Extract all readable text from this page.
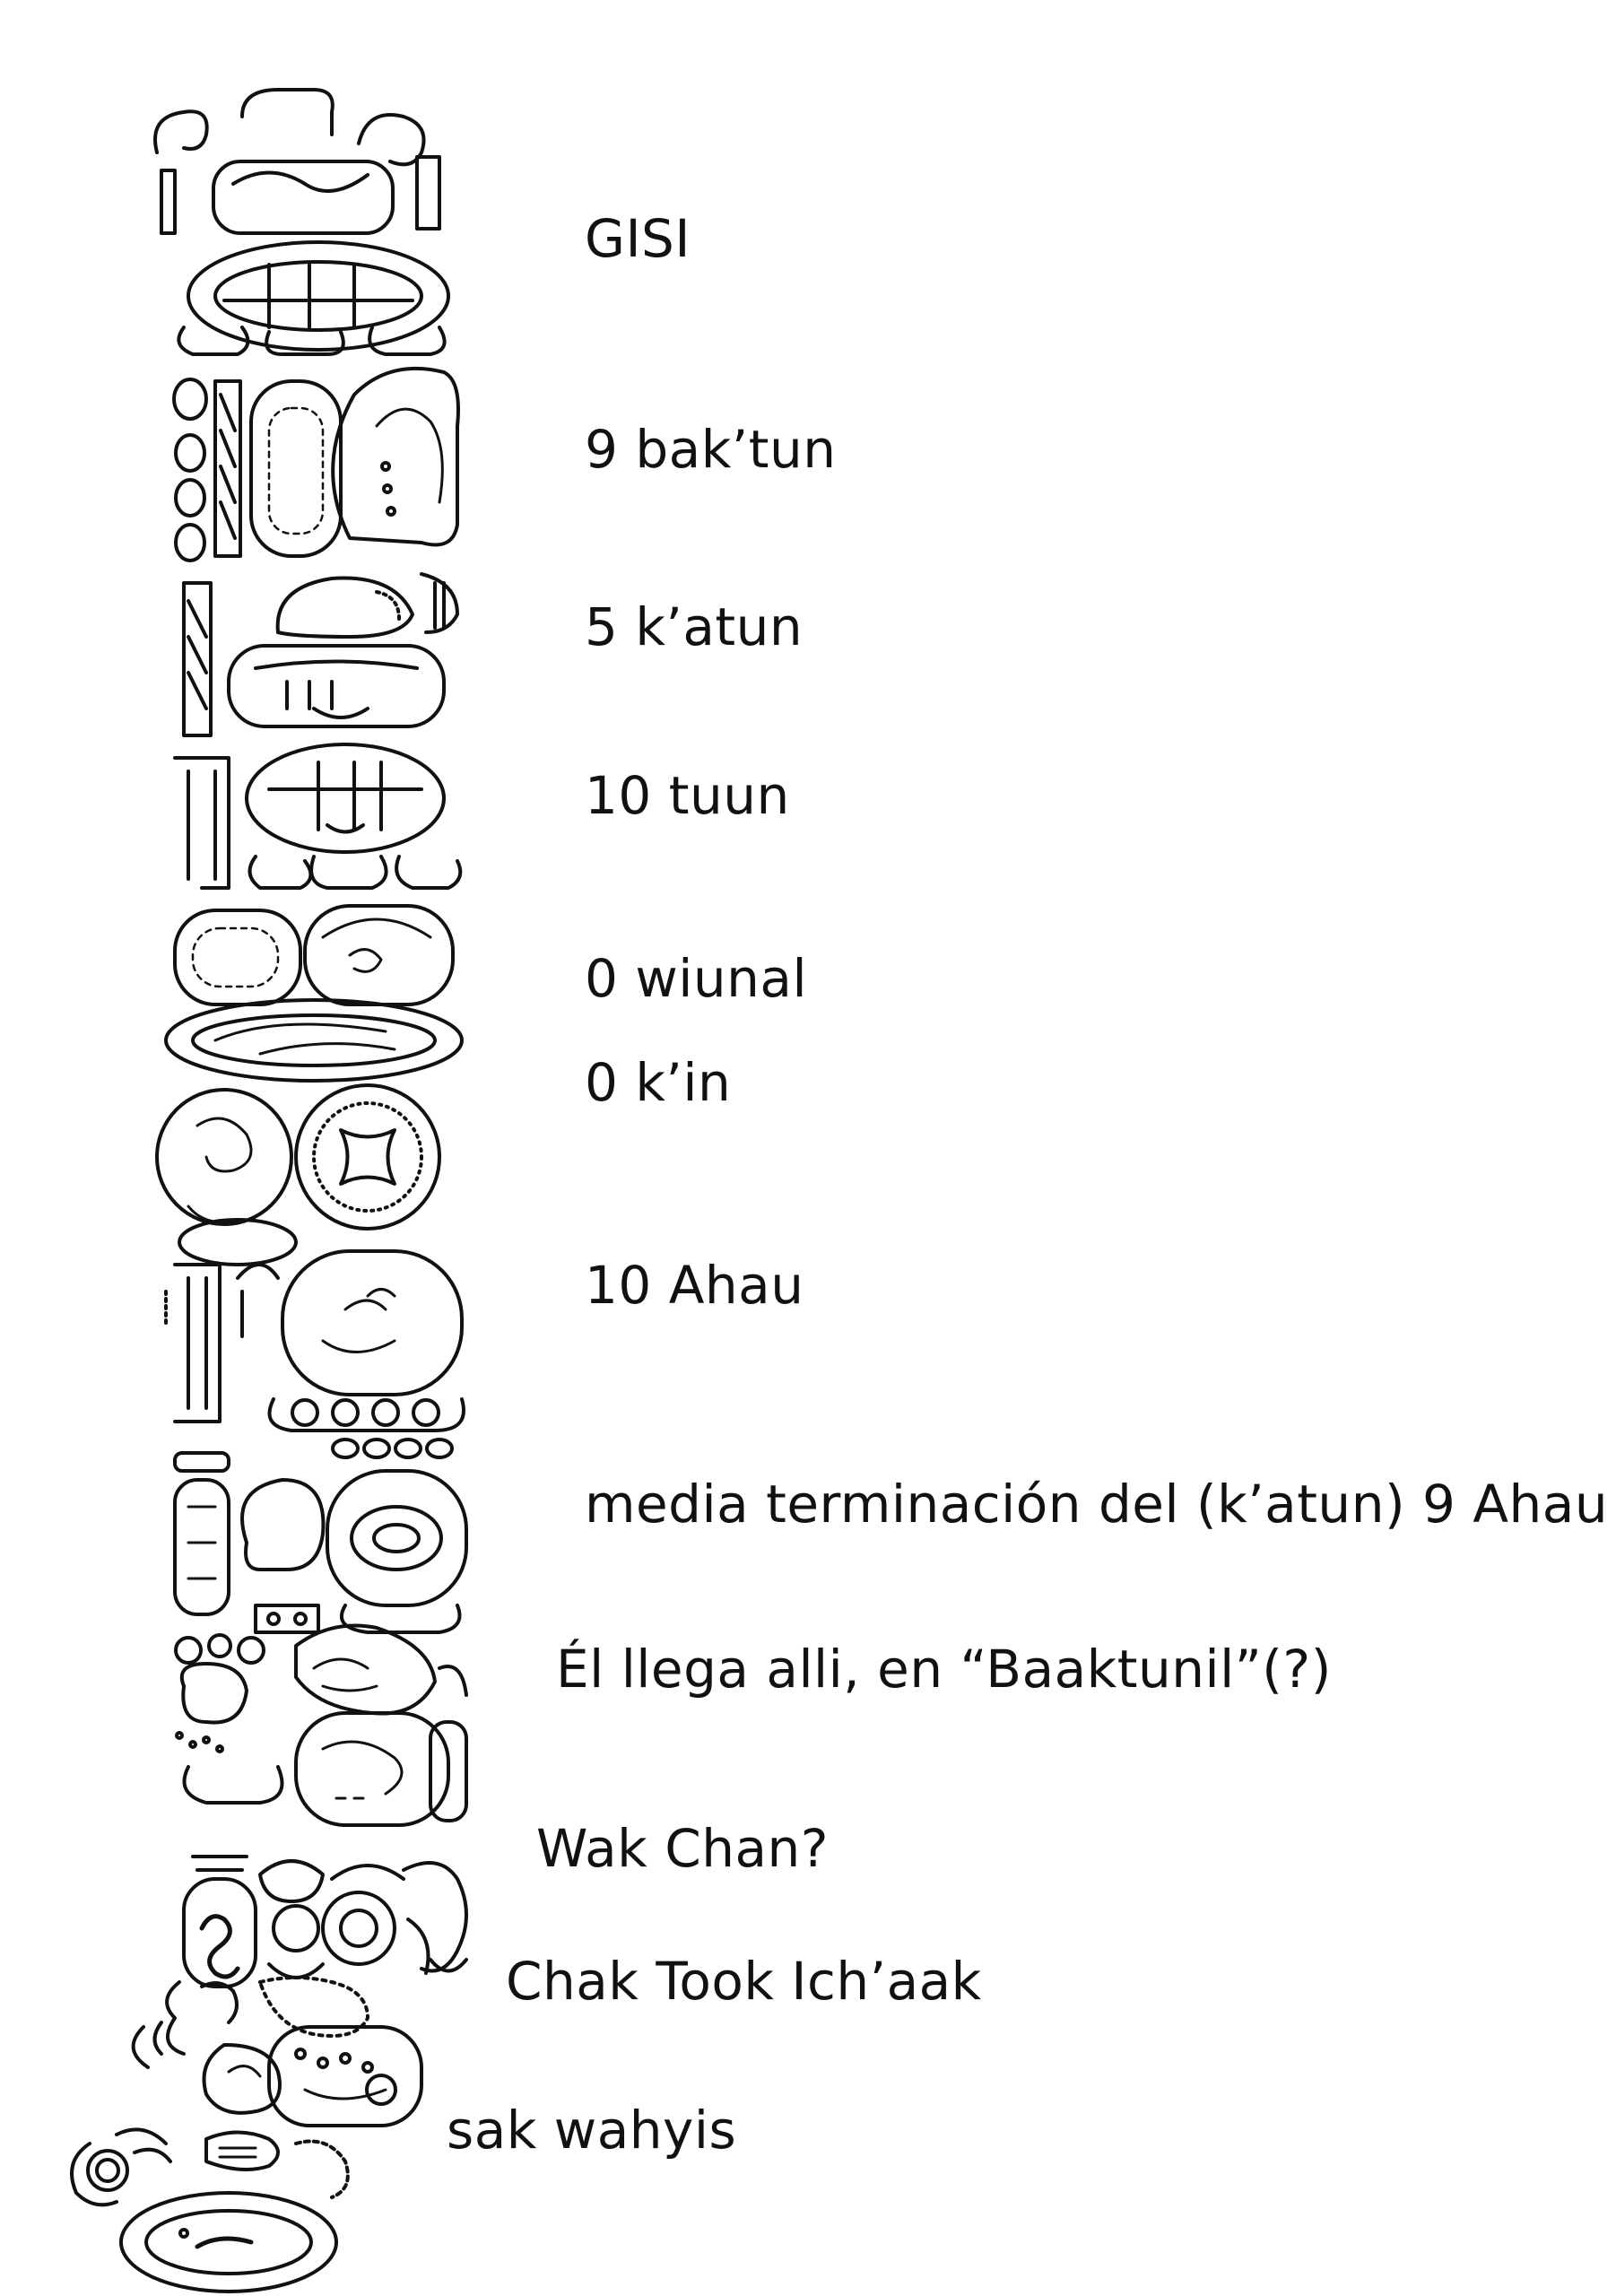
GISI
9 bak’tun
5 k’atun
10 tuun
0 wiunal
0 k’in
10 Ahau
media terminación del (k’atun) 9 Ahau
Él llega alli, en “Baaktunil”(?)
Wak Chan?
Chak Took Ich’aak
sak wahyis
